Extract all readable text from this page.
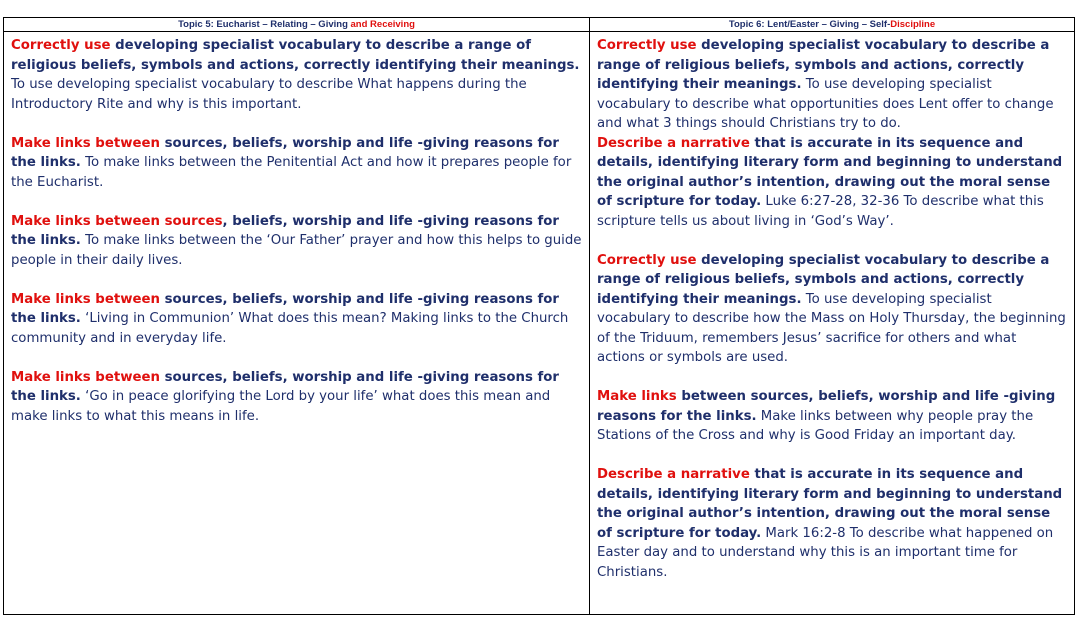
Topic 5: Eucharist – Relating – Giving and Receiving

Correctly use developing specialist vocabulary to describe a range of religious beliefs, symbols and actions, correctly identifying their meanings. To use developing specialist vocabulary to describe What happens during the Introductory Rite and why is this important.

Make links between sources, beliefs, worship and life -giving reasons for the links. To make links between the Penitential Act and how it prepares people for the Eucharist.

Make links between sources, beliefs, worship and life -giving reasons for the links. To make links between the ‘Our Father’ prayer and how this helps to guide people in their daily lives.

Make links between sources, beliefs, worship and life -giving reasons for the links. ‘Living in Communion’ What does this mean? Making links to the Church community and in everyday life.

Make links between sources, beliefs, worship and life -giving reasons for the links. ‘Go in peace glorifying the Lord by your life’ what does this mean and make links to what this means in life.

Topic 6: Lent/Easter – Giving – Self-Discipline

Correctly use developing specialist vocabulary to describe a range of religious beliefs, symbols and actions, correctly identifying their meanings. To use developing specialist vocabulary to describe what opportunities does Lent offer to change and what 3 things should Christians try to do.

Describe a narrative that is accurate in its sequence and details, identifying literary form and beginning to understand the original author’s intention, drawing out the moral sense of scripture for today. Luke 6:27-28, 32-36 To describe what this scripture tells us about living in ‘God’s Way’.

Correctly use developing specialist vocabulary to describe a range of religious beliefs, symbols and actions, correctly identifying their meanings. To use developing specialist vocabulary to describe how the Mass on Holy Thursday, the beginning of the Triduum, remembers Jesus’ sacrifice for others and what actions or symbols are used.

Make links between sources, beliefs, worship and life -giving reasons for the links. Make links between why people pray the Stations of the Cross and why is Good Friday an important day.

Describe a narrative that is accurate in its sequence and details, identifying literary form and beginning to understand the original author’s intention, drawing out the moral sense of scripture for today. Mark 16:2-8 To describe what happened on Easter day and to understand why this is an important time for Christians.
